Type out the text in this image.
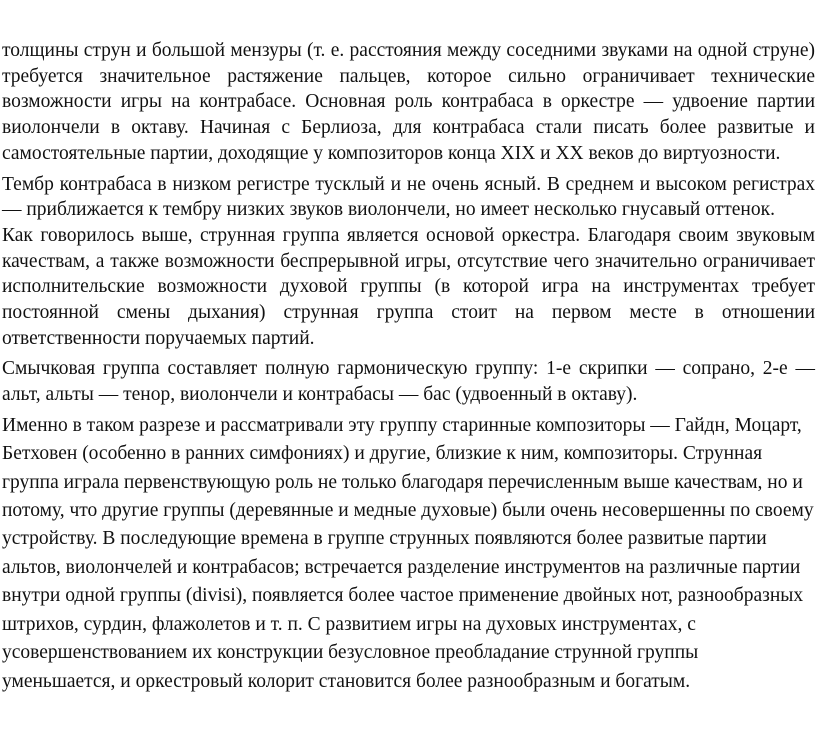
толщины струн и большой мензуры (т. е. расстояния между соседними звуками на одной струне) требуется значительное растяжение пальцев, которое сильно ограничивает технические возможности игры на контрабасе. Основная роль контрабаса в оркестре — удвоение партии виолончели в октаву. Начиная с Берлиоза, для контрабаса стали писать более развитые и самостоятельные партии, доходящие у композиторов конца XIX и XX веков до виртуозности.

Тембр контрабаса в низком регистре тусклый и не очень ясный. В среднем и высоком регистрах — приближается к тембру низких звуков виолончели, но имеет несколько гнусавый оттенок.

Как говорилось выше, струнная группа является основой оркестра. Благодаря своим звуковым качествам, а также возможности беспрерывной игры, отсутствие чего значительно ограничивает исполнительские возможности духовой группы (в которой игра на инструментах требует постоянной смены дыхания) струнная группа стоит на первом месте в отношении ответственности поручаемых партий.

Смычковая группа составляет полную гармоническую группу: 1-е скрипки — сопрано, 2-е — альт, альты — тенор, виолончели и контрабасы — бас (удвоенный в октаву).

Именно в таком разрезе и рассматривали эту группу старинные композиторы — Гайдн, Моцарт, Бетховен (особенно в ранних симфониях) и другие, близкие к ним, композиторы. Струнная группа играла первенствующую роль не только благодаря перечисленным выше качествам, но и потому, что другие группы (деревянные и медные духовые) были очень несовершенны по своему устройству. В последующие времена в группе струнных появляются более развитые партии альтов, виолончелей и контрабасов; встречается разделение инструментов на различные партии внутри одной группы (divisi), появляется более частое применение двойных нот, разнообразных штрихов, сурдин, флажолетов и т. п. С развитием игры на духовых инструментах, с усовершенствованием их конструкции безусловное преобладание струнной группы уменьшается, и оркестровый колорит становится более разнообразным и богатым.
